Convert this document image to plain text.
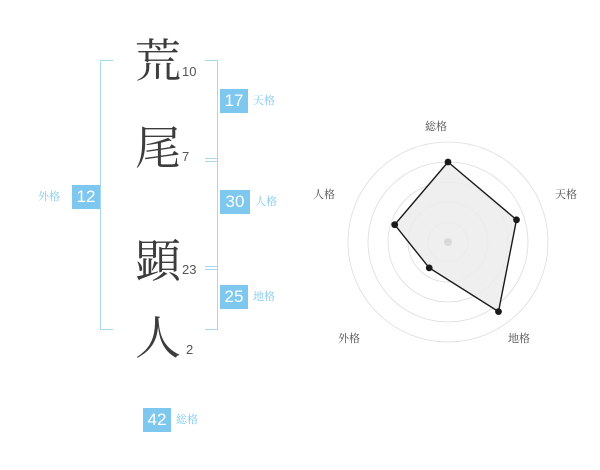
外格 12
荒 10
尾 7
顕 23
人 2
17 天格
30 人格
25 地格
42 総格
総格
天格
地格
外格
人格
